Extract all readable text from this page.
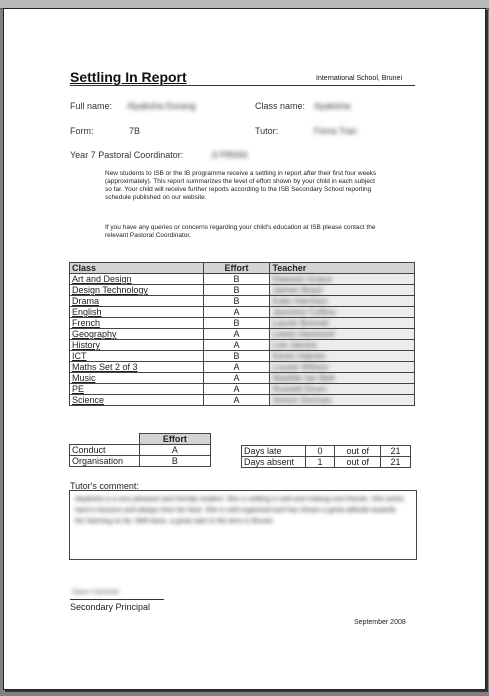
Settling In Report	International School, Brunei
Full name: Alyaksha Durang	Class name: Ayakisha
Form:	7B	Tutor:	Fiona Tran
Year 7 Pastoral Coordinator:	Ji PIRAN
New students to ISB or the IB programme receive a settling in report after their first four weeks (approximately). This report summarizes the level of effort shown by your child in each subject so far. Your child will receive further reports according to the ISB Secondary School reporting schedule published on our website.
If you have any queries or concerns regarding your child's education at ISB please contact the relevant Pastoral Coordinator.
Class	Effort	Teacher
Art and Design	B	Dawson Grace
Design Technology	B	James Boyd
Drama	B	Kate Harrison
English	A	Jasmine Collins
French	B	Laurie Bonnet
Geography	A	Lewis Harwood
History	A	Lee James
ICT	B	Kevin Haines
Maths Set 2 of 3	A	Louise Wilson
Music	A	Maddie Ian Bell
PE	A	Russell Drum
Science	A	Simon Duncan
	Effort
Conduct	A
Organisation	B
Days late	0	out of	21
Days absent	1	out of	21
Tutor's comment:
Alyaksha is a very pleasant and friendly student. She is settling in well and making new friends. She works hard in lessons and always tries her best. She is well organised and has shown a great attitude towards her learning so far. Well done, a great start to the term in Brunei.
Dawn Cantwell
Secondary Principal
September 2008
